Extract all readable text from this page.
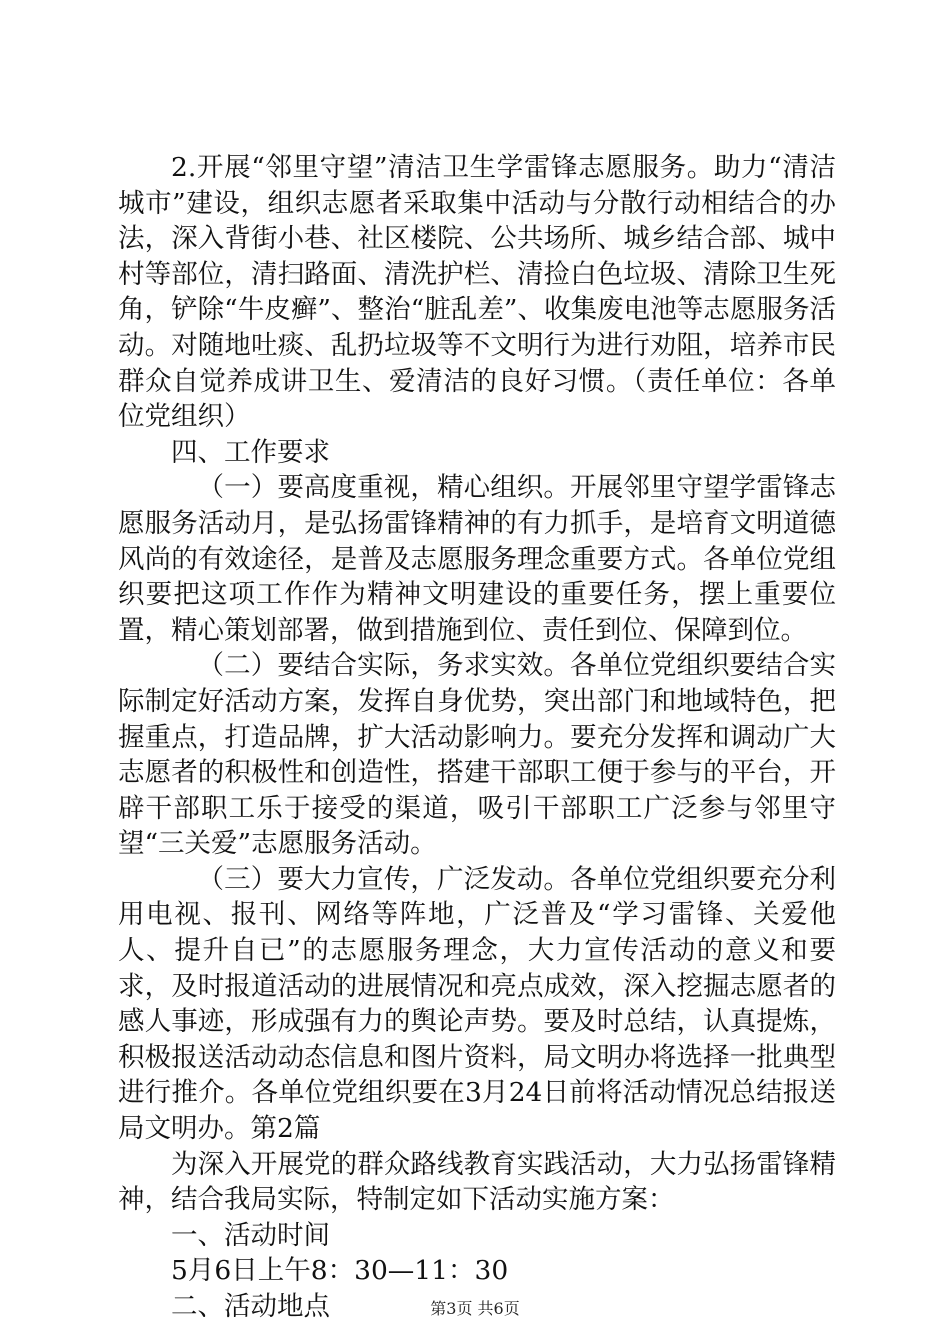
2.开展“邻里守望”清洁卫生学雷锋志愿服务。助力“清洁城市”建设，组织志愿者采取集中活动与分散行动相结合的办法，深入背街小巷、社区楼院、公共场所、城乡结合部、城中村等部位，清扫路面、清洗护栏、清捡白色垃圾、清除卫生死角，铲除“牛皮癣”、整治“脏乱差”、收集废电池等志愿服务活动。对随地吐痰、乱扔垃圾等不文明行为进行劝阻，培养市民群众自觉养成讲卫生、爱清洁的良好习惯。（责任单位：各单位党组织）

四、工作要求

（一）要高度重视，精心组织。开展邻里守望学雷锋志愿服务活动月，是弘扬雷锋精神的有力抓手，是培育文明道德风尚的有效途径，是普及志愿服务理念重要方式。各单位党组织要把这项工作作为精神文明建设的重要任务，摆上重要位置，精心策划部署，做到措施到位、责任到位、保障到位。

（二）要结合实际，务求实效。各单位党组织要结合实际制定好活动方案，发挥自身优势，突出部门和地域特色，把握重点，打造品牌，扩大活动影响力。要充分发挥和调动广大志愿者的积极性和创造性，搭建干部职工便于参与的平台，开辟干部职工乐于接受的渠道，吸引干部职工广泛参与邻里守望“三关爱”志愿服务活动。

（三）要大力宣传，广泛发动。各单位党组织要充分利用电视、报刊、网络等阵地，广泛普及“学习雷锋、关爱他人、提升自已”的志愿服务理念，大力宣传活动的意义和要求，及时报道活动的进展情况和亮点成效，深入挖掘志愿者的感人事迹，形成强有力的舆论声势。要及时总结，认真提炼，积极报送活动动态信息和图片资料，局文明办将选择一批典型进行推介。各单位党组织要在3月24日前将活动情况总结报送局文明办。第2篇

为深入开展党的群众路线教育实践活动，大力弘扬雷锋精神，结合我局实际，特制定如下活动实施方案：

一、活动时间

5月6日上午8：30—11：30

二、活动地点	第3页 共6页
